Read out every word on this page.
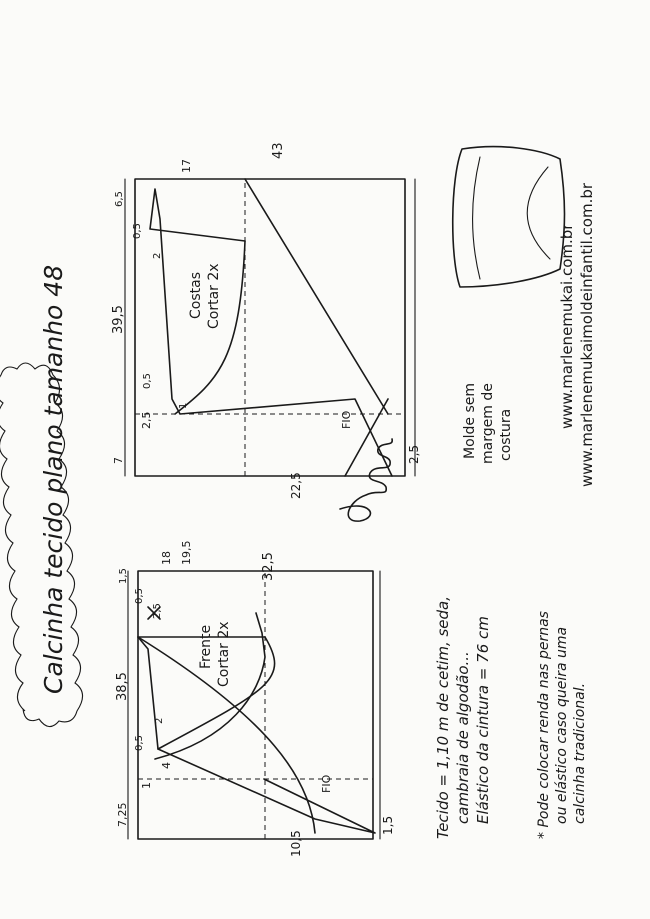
Calcinha tecido plano tamanho 48	Frente Cortar 2x
32,5
38,5
10,5
1,5
7,25
1
4
0,5
2
2,5
0,5
1,5
18 19,5
FIO
Costas Cortar 2x
43
39,5
22,5
2,5
7
2,5
1
0,5
2
0,5
6,5
17
FIO	Molde sem margem de costura
www.marlenemukai.com.br www.marlenemukaimoldeinfantil.com.br
Tecido = 1,10 m de cetim, seda, cambraia de algodão... Elástico da cintura = 76 cm	* Pode colocar renda nas pernas ou elástico caso queira uma calcinha tradicional.
